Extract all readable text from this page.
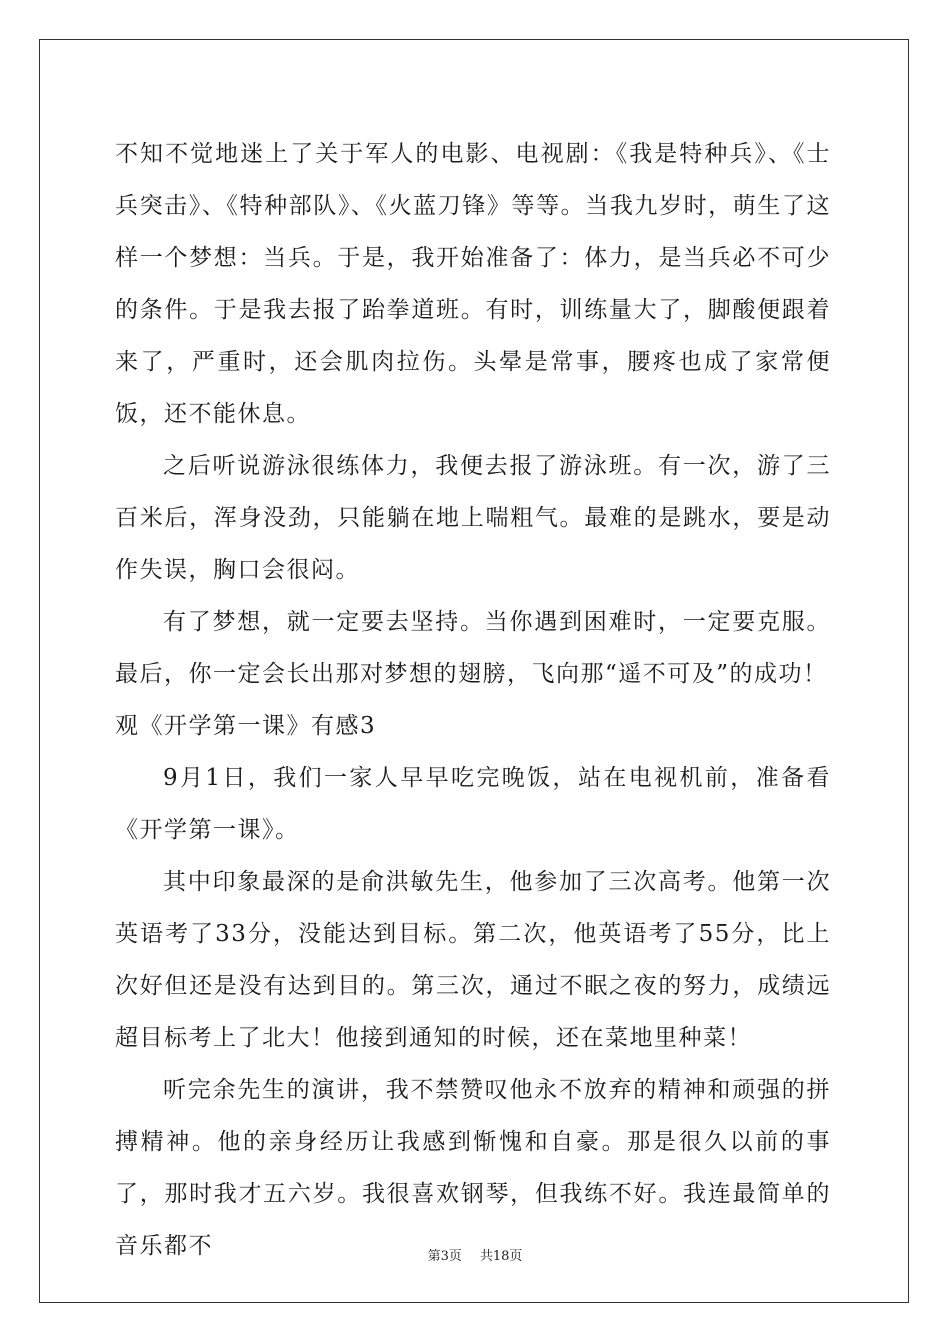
不知不觉地迷上了关于军人的电影、电视剧：《我是特种兵》、《士兵突击》、《特种部队》、《火蓝刀锋》等等。当我九岁时，萌生了这样一个梦想：当兵。于是，我开始准备了：体力，是当兵必不可少的条件。于是我去报了跆拳道班。有时，训练量大了，脚酸便跟着来了，严重时，还会肌肉拉伤。头晕是常事，腰疼也成了家常便饭，还不能休息。

之后听说游泳很练体力，我便去报了游泳班。有一次，游了三百米后，浑身没劲，只能躺在地上喘粗气。最难的是跳水，要是动作失误，胸口会很闷。

有了梦想，就一定要去坚持。当你遇到困难时，一定要克服。最后，你一定会长出那对梦想的翅膀，飞向那“遥不可及”的成功！

观《开学第一课》有感3

9月1日，我们一家人早早吃完晚饭，站在电视机前，准备看《开学第一课》。

其中印象最深的是俞洪敏先生，他参加了三次高考。他第一次英语考了33分，没能达到目标。第二次，他英语考了55分，比上次好但还是没有达到目的。第三次，通过不眠之夜的努力，成绩远超目标考上了北大！他接到通知的时候，还在菜地里种菜！

听完余先生的演讲，我不禁赞叹他永不放弃的精神和顽强的拼搏精神。他的亲身经历让我感到惭愧和自豪。那是很久以前的事了，那时我才五六岁。我很喜欢钢琴，但我练不好。我连最简单的音乐都不	第3页 共18页
